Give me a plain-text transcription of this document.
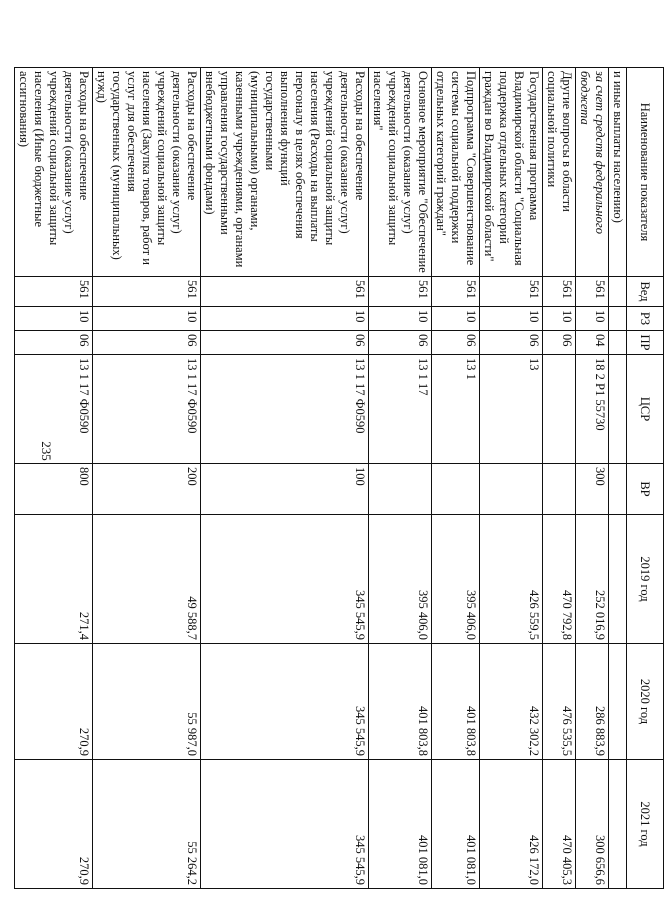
235
Наименование показателя	Вед	РЗ	ПР	ЦСР	ВР	2019 год	2020 год	2021 год
и иные выплаты населению)								
за счет средств федерального бюджета	561	10	04	18 2 P1 55730	300	252 016,9	286 883,9	300 656,6
Другие вопросы в области социальной политики	561	10	06			470 792,8	476 535,5	470 405,3
Государственная программа Владимирской области "Социальная поддержка отдельных категорий граждан во Владимирской области"	561	10	06	13		426 559,5	432 302,2	426 172,0
Подпрограмма "Совершенствование системы социальной поддержки отдельных категорий граждан"	561	10	06	13 1		395 406,0	401 803,8	401 081,0
Основное мероприятие "Обеспечение деятельности (оказание услуг) учреждений социальной защиты населения"	561	10	06	13 1 17		395 406,0	401 803,8	401 081,0
Расходы на обеспечение деятельности (оказание услуг) учреждений социальной защиты населения (Расходы на выплаты персоналу в целях обеспечения выполнения функций государственными (муниципальными) органами, казенными учреждениями, органами управления государственными внебюджетными фондами)	561	10	06	13 1 17 Ф0590	100	345 545,9	345 545,9	345 545,9
Расходы на обеспечение деятельности (оказание услуг) учреждений социальной защиты населения (Закупка товаров, работ и услуг для обеспечения государственных (муниципальных) нужд)	561	10	06	13 1 17 Ф0590	200	49 588,7	55 987,0	55 264,2
Расходы на обеспечение деятельности (оказание услуг) учреждений социальной защиты населения (Иные бюджетные ассигнования)	561	10	06	13 1 17 Ф0590	800	271,4	270,9	270,9
